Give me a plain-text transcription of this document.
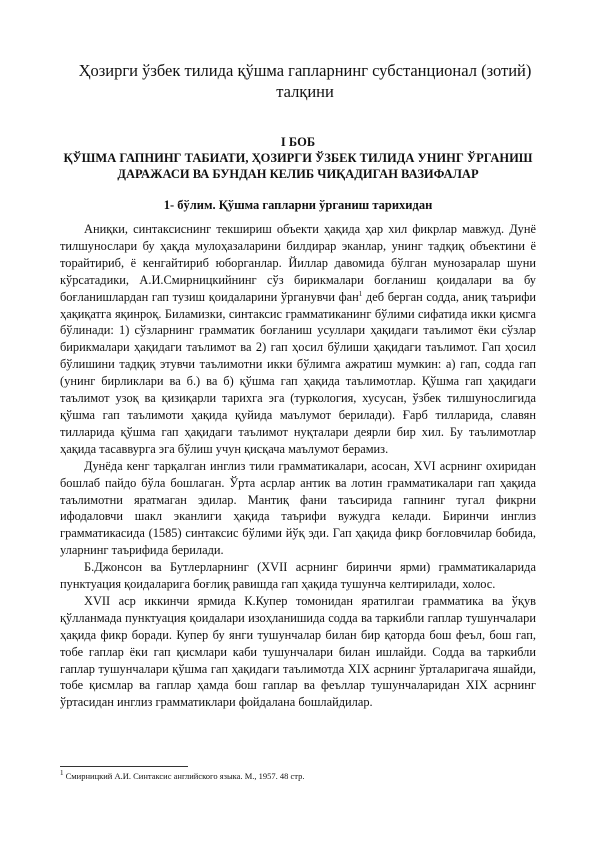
Ҳозирги ўзбек тилида қўшма гапларнинг субстанционал (зотий) талқини
I БОБ
ҚЎШМА ГАПНИНГ ТАБИАТИ, ҲОЗИРГИ ЎЗБЕК ТИЛИДА УНИНГ ЎРГАНИШ ДАРАЖАСИ ВА БУНДАН КЕЛИБ ЧИҚАДИГАН ВАЗИФАЛАР
1- бўлим. Қўшма гапларни ўрганиш тарихидан

Аниқки, синтаксиснинг текшириш объекти ҳақида ҳар хил фикрлар мавжуд. Дунё тилшунослари бу ҳақда мулоҳазаларини билдирар эканлар, унинг тадқиқ объектини ё торайтириб, ё кенгайтириб юборганлар. Йиллар давомида бўлган мунозаралар шуни кўрсатадики, А.И.Смирницкийнинг сўз бирикмалари боғланиш қоидалари ва бу боғланишлардан гап тузиш қоидаларини ўрганувчи фан$^1$ деб берган содда, аниқ таърифи ҳақиқатга яқинроқ. Биламизки, синтаксис грамматиканинг бўлими сифатида икки қисмга бўлинади: 1) сўзларнинг грамматик боғланиш усуллари ҳақидаги таълимот ёки сўзлар бирикмалари ҳақидаги таълимот ва 2) гап ҳосил бўлиши ҳақидаги таълимот. Гап ҳосил бўлишини тадқиқ этувчи таълимотни икки бўлимга ажратиш мумкин: а) гап, содда гап (унинг бирликлари ва б.) ва б) қўшма гап ҳақида таълимотлар. Қўшма гап ҳақидаги таълимот узоқ ва қизиқарли тарихга эга (туркология, хусусан, ўзбек тилшунослигида қўшма гап таълимоти ҳақида қуйида маълумот берилади). Ғарб тилларида, славян тилларида қўшма гап ҳақидаги таълимот нуқталари деярли бир хил. Бу таълимотлар ҳақида тасаввурга эга бўлиш учун қисқача маълумот берамиз.

Дунёда кенг тарқалган инглиз тили грамматикалари, асосан, XVI асрнинг охиридан бошлаб пайдо бўла бошлаган. Ўрта асрлар антик ва лотин грамматикалари гап ҳақида таълимотни яратмаган эдилар. Мантиқ фани таъсирида гапнинг тугал фикрни ифодаловчи шакл эканлиги ҳақида таърифи вужудга келади. Биринчи инглиз грамматикасида (1585) синтаксис бўлими йўқ эди. Гап ҳақида фикр боғловчилар бобида, уларнинг таърифида берилади.

Б.Джонсон ва Бутлерларнинг (XVII асрнинг биринчи ярми) грамматикаларида пунктуация қоидаларига боғлиқ равишда гап ҳақида тушунча келтирилади, холос.

XVII аср иккинчи ярмида К.Купер томонидан яратилгаи грамматика ва ўқув қўлланмада пунктуация қоидалари изоҳланишида содда ва таркибли гаплар тушунчалари ҳақида фикр боради. Купер бу янги тушунчалар билан бир қаторда бош феъл, бош гап, тобе гаплар ёки гап қисмлари каби тушунчалари билан ишлайди. Содда ва таркибли гаплар тушунчалари қўшма гап ҳақидаги таълимотда XIX асрнинг ўрталаригача яшайди, тобе қисмлар ва гаплар ҳамда бош гаплар ва феъллар тушунчаларидан XIX асрнинг ўртасидан инглиз грамматиклари фойдалана бошлайдилар.

$^1$ Смирницкий А.И. Синтаксис английского языка. М., 1957. 48 стр.
